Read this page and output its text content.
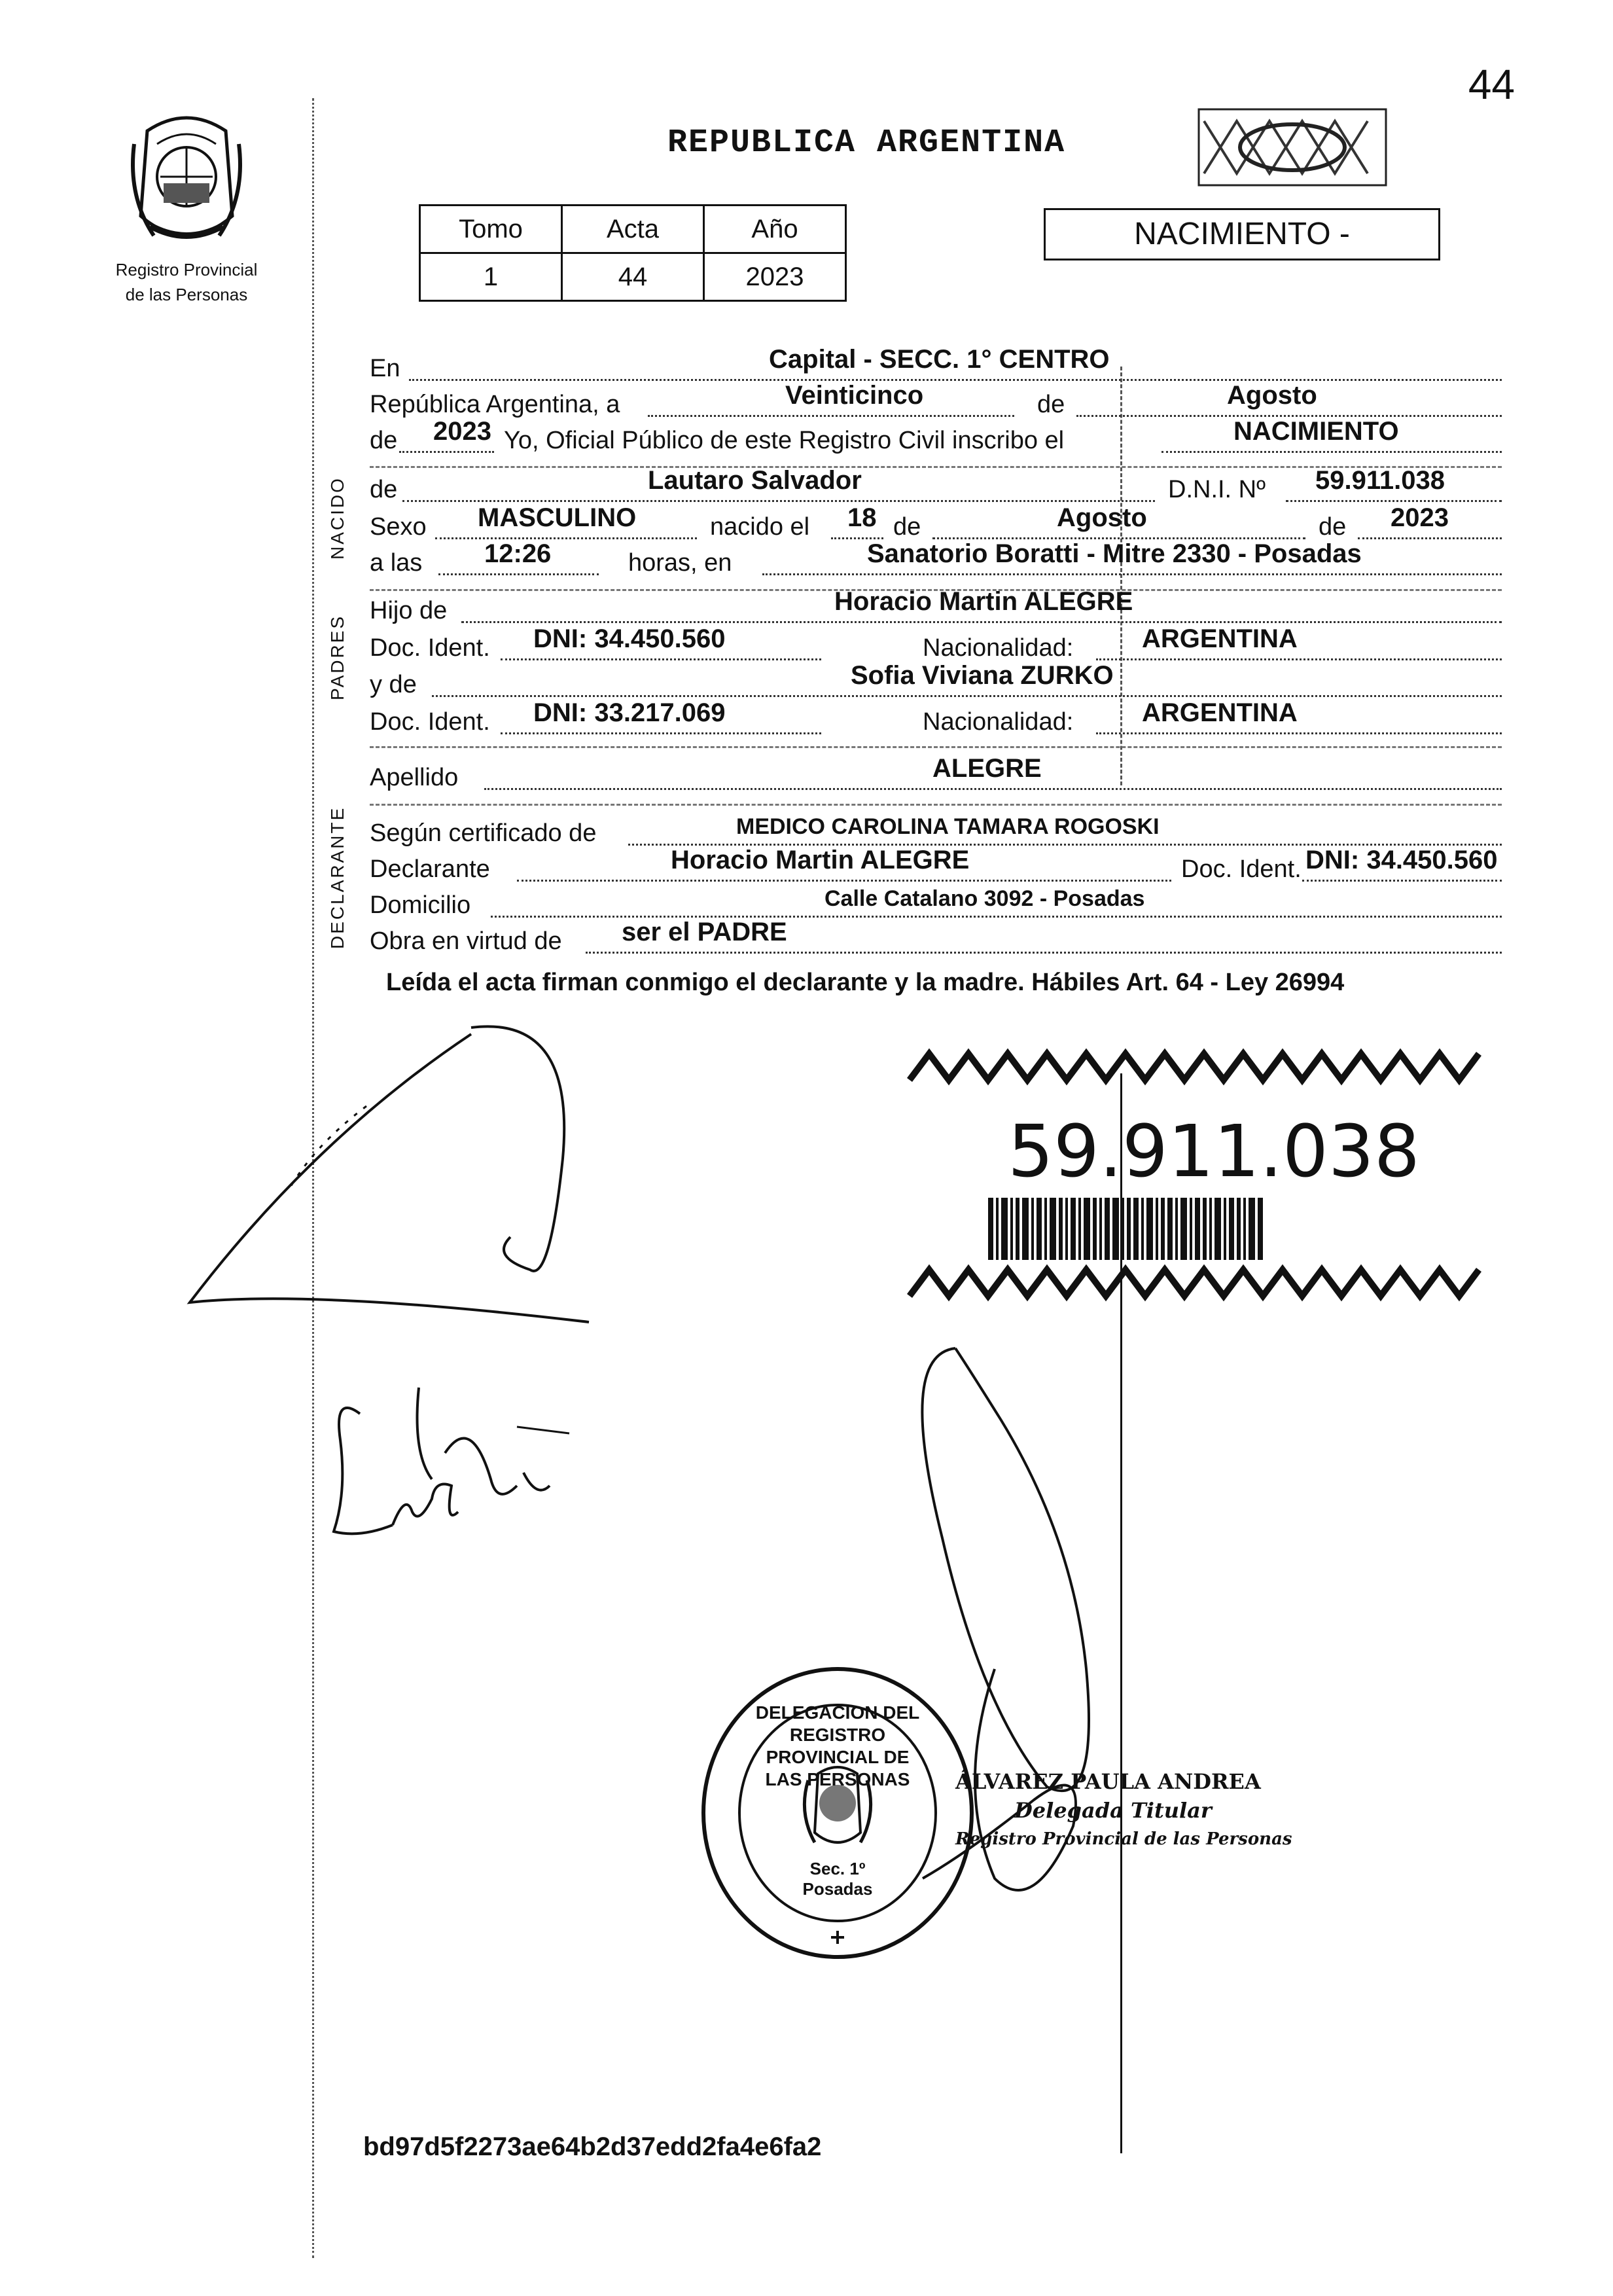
44
Registro Provincial
de las Personas
REPUBLICA ARGENTINA
Tomo	Acta	Año
1	44	2023
NACIMIENTO -
NACIDO
PADRES
DECLARANTE
En	Capital - SECC. 1° CENTRO
República Argentina, a	Veinticinco	de	Agosto
de 2023 Yo, Oficial Público de este Registro Civil inscribo el	NACIMIENTO
de	Lautaro Salvador	D.N.I. Nº 59.911.038
Sexo MASCULINO	nacido el 18 de	Agosto	de 2023
a las 12:26	horas, en	Sanatorio Boratti - Mitre 2330 - Posadas
Hijo de	Horacio Martin ALEGRE
Doc. Ident. DNI: 34.450.560	Nacionalidad:	ARGENTINA
y de	Sofia Viviana ZURKO
Doc. Ident. DNI: 33.217.069	Nacionalidad:	ARGENTINA
Apellido	ALEGRE
Según certificado de	MEDICO CAROLINA TAMARA ROGOSKI
Declarante	Horacio Martin ALEGRE	Doc. Ident. DNI: 34.450.560
Domicilio	Calle Catalano 3092 - Posadas
Obra en virtud de ser el PADRE
Leída el acta firman conmigo el declarante y la madre. Hábiles Art. 64 - Ley 26994
59.911.038
DELEGACION DEL REGISTRO PROVINCIAL DE LAS PERSONAS
Sec. 1º Posadas
ÁLVAREZ PAULA ANDREA
Delegada Titular
Registro Provincial de las Personas
bd97d5f2273ae64b2d37edd2fa4e6fa2
